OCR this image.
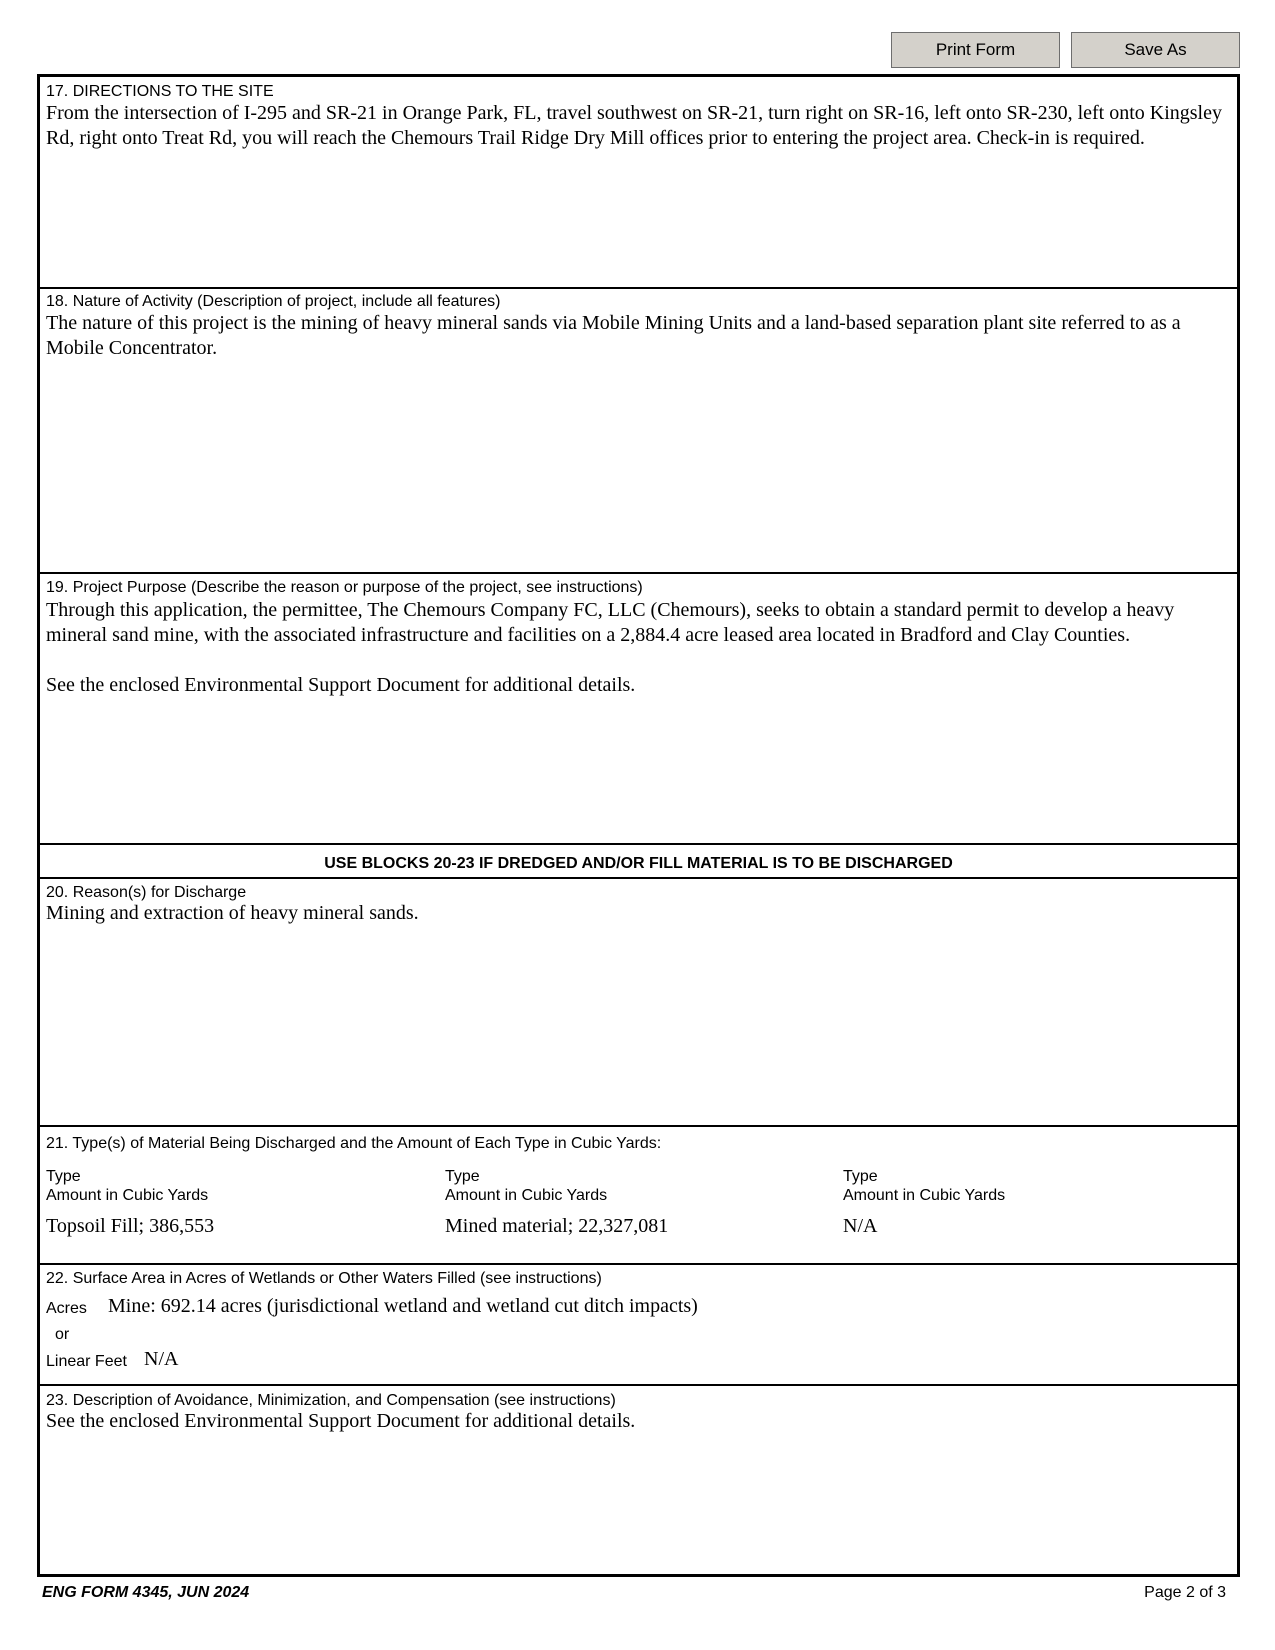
Print Form	Save As
17. DIRECTIONS TO THE SITE
From the intersection of I-295 and SR-21 in Orange Park, FL, travel southwest on SR-21, turn right on SR-16, left onto SR-230, left onto Kingsley Rd, right onto Treat Rd, you will reach the Chemours Trail Ridge Dry Mill offices prior to entering the project area. Check-in is required.
18. Nature of Activity (Description of project, include all features)
The nature of this project is the mining of heavy mineral sands via Mobile Mining Units and a land-based separation plant site referred to as a Mobile Concentrator.
19. Project Purpose (Describe the reason or purpose of the project, see instructions)
Through this application, the permittee, The Chemours Company FC, LLC (Chemours), seeks to obtain a standard permit to develop a heavy mineral sand mine, with the associated infrastructure and facilities on a 2,884.4 acre leased area located in Bradford and Clay Counties.
See the enclosed Environmental Support Document for additional details.
USE BLOCKS 20-23 IF DREDGED AND/OR FILL MATERIAL IS TO BE DISCHARGED
20. Reason(s) for Discharge
Mining and extraction of heavy mineral sands.
21. Type(s) of Material Being Discharged and the Amount of Each Type in Cubic Yards:
Type
Amount in Cubic Yards
Type
Amount in Cubic Yards
Type
Amount in Cubic Yards
Topsoil Fill; 386,553	Mined material; 22,327,081	N/A
22. Surface Area in Acres of Wetlands or Other Waters Filled (see instructions)
Acres Mine: 692.14 acres (jurisdictional wetland and wetland cut ditch impacts)
or
Linear Feet N/A
23. Description of Avoidance, Minimization, and Compensation (see instructions)
See the enclosed Environmental Support Document for additional details.
ENG FORM 4345, JUN 2024	Page 2 of 3
